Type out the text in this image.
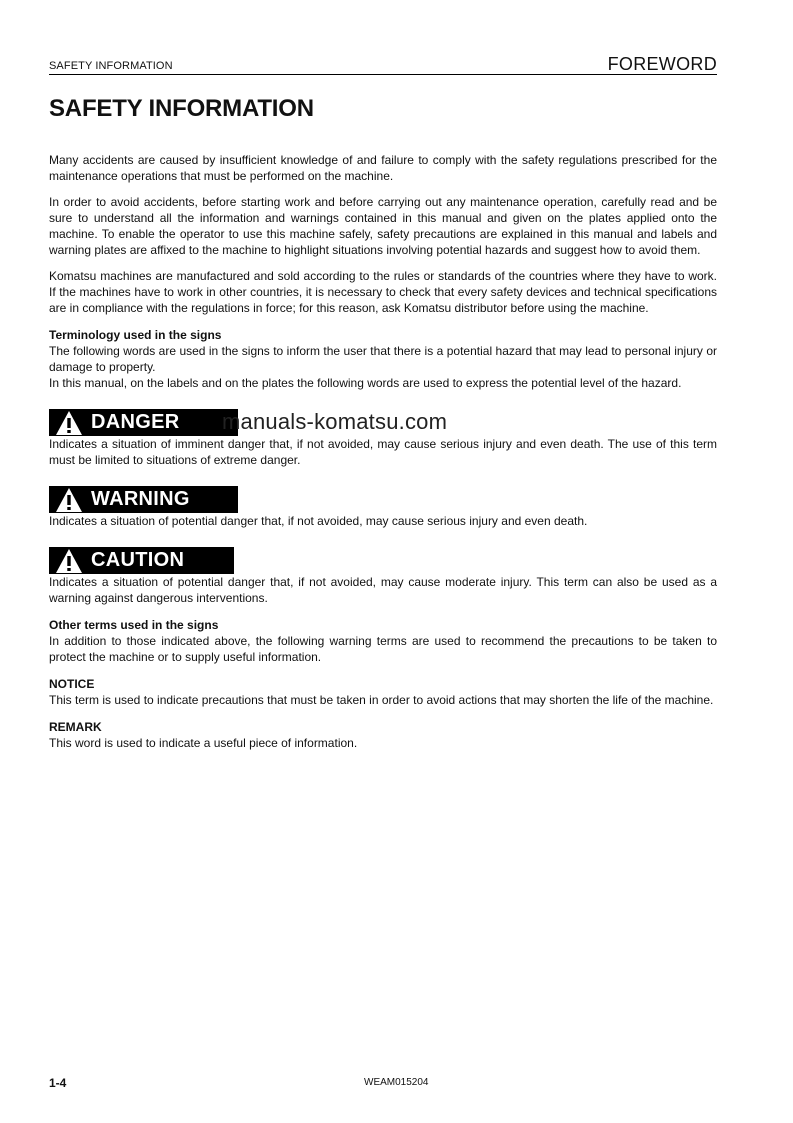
SAFETY INFORMATION	FOREWORD
SAFETY INFORMATION

Many accidents are caused by insufficient knowledge of and failure to comply with the safety regulations prescribed for the maintenance operations that must be performed on the machine.

In order to avoid accidents, before starting work and before carrying out any maintenance operation, carefully read and be sure to understand all the information and warnings contained in this manual and given on the plates applied onto the machine. To enable the operator to use this machine safely, safety precautions are explained in this manual and labels and warning plates are affixed to the machine to highlight situations involving potential hazards and suggest how to avoid them.

Komatsu machines are manufactured and sold according to the rules or standards of the countries where they have to work. If the machines have to work in other countries, it is necessary to check that every safety devices and technical specifications are in compliance with the regulations in force; for this reason, ask Komatsu distributor before using the machine.

Terminology used in the signs

The following words are used in the signs to inform the user that there is a potential hazard that may lead to personal injury or damage to property.

In this manual, on the labels and on the plates the following words are used to express the potential level of the hazard.

DANGER

Indicates a situation of imminent danger that, if not avoided, may cause serious injury and even death. The use of this term must be limited to situations of extreme danger.

WARNING

Indicates a situation of potential danger that, if not avoided, may cause serious injury and even death.

CAUTION

Indicates a situation of potential danger that, if not avoided, may cause moderate injury. This term can also be used as a warning against dangerous interventions.

Other terms used in the signs

In addition to those indicated above, the following warning terms are used to recommend the precautions to be taken to protect the machine or to supply useful information.

NOTICE

This term is used to indicate precautions that must be taken in order to avoid actions that may shorten the life of the machine.

REMARK

This word is used to indicate a useful piece of information.

manuals-komatsu.com
1-4	WEAM015204
